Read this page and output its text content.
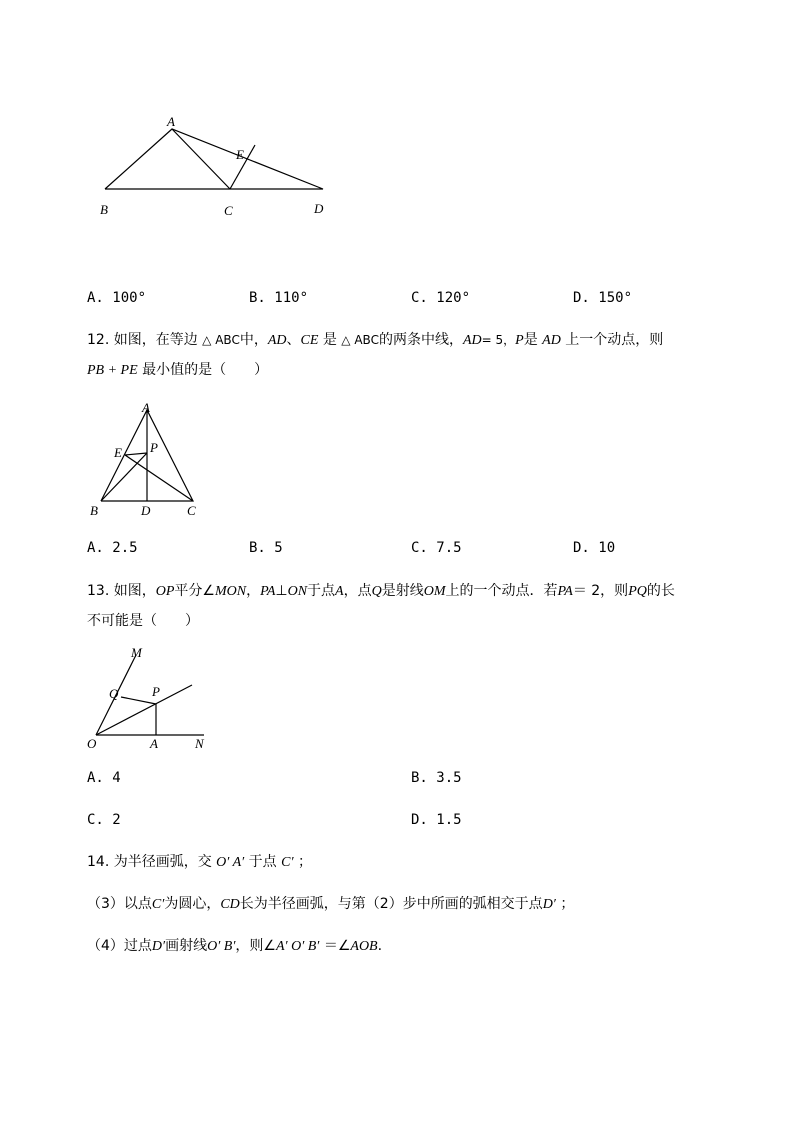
A
E
B	C	D
A. 100°	B. 110°	C. 120°	D. 150°
12. 如图，在等边 △ ABC中，AD、CE 是 △ ABC的两条中线，AD= 5，P是 AD 上一个动点，则
PB + PE 最小值的是（　　）
A
E P
B	D	C
A. 2.5	B. 5	C. 7.5	D. 10
13. 如图，OP平分∠MON，PA⊥ON于点A，点Q是射线OM上的一个动点．若PA＝ 2，则PQ的长
不可能是（　　）
M
Q	P
O	A	N
A. 4	B. 3.5
C. 2	D. 1.5
14. 为半径画弧，交 O′ A′ 于点 C′ ；
（3）以点C′为圆心，CD长为半径画弧，与第（2）步中所画的弧相交于点D′ ；
（4）过点D′画射线O′ B′，则∠A′ O′ B′ ＝∠AOB.
